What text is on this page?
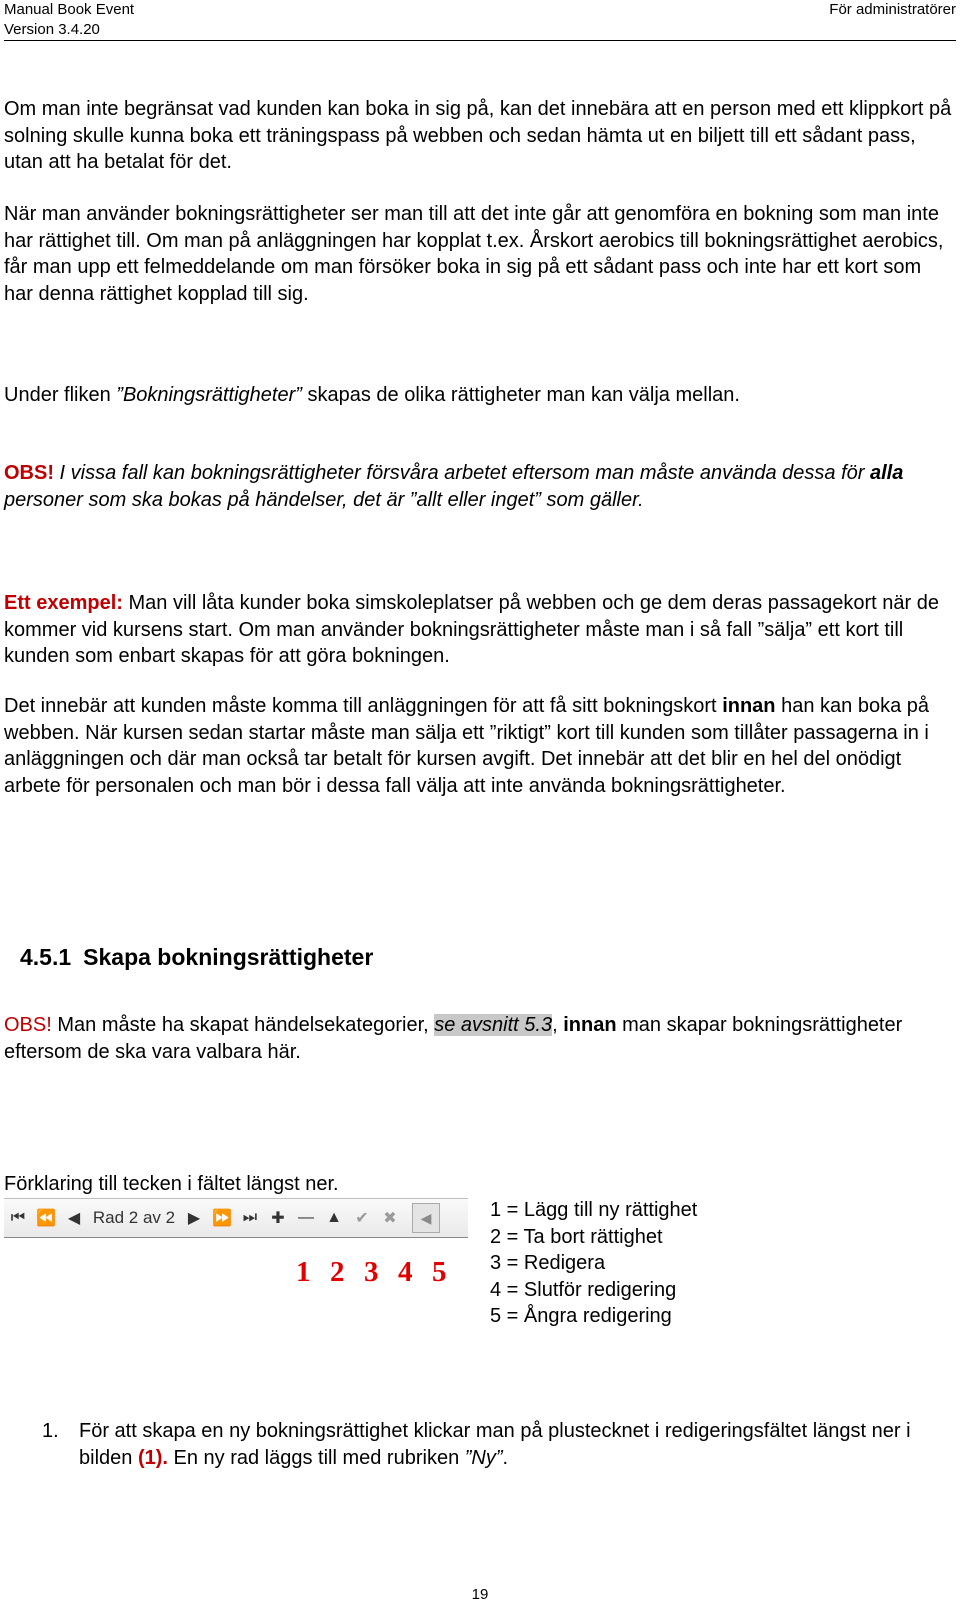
Manual Book Event
Version 3.4.20
För administratörer

Om man inte begränsat vad kunden kan boka in sig på, kan det innebära att en person med ett klippkort på solning skulle kunna boka ett träningspass på webben och sedan hämta ut en biljett till ett sådant pass, utan att ha betalat för det.

När man använder bokningsrättigheter ser man till att det inte går att genomföra en bokning som man inte har rättighet till. Om man på anläggningen har kopplat t.ex. Årskort aerobics till bokningsrättighet aerobics, får man upp ett felmeddelande om man försöker boka in sig på ett sådant pass och inte har ett kort som har denna rättighet kopplad till sig.

Under fliken ”Bokningsrättigheter” skapas de olika rättigheter man kan välja mellan.

OBS! I vissa fall kan bokningsrättigheter försvåra arbetet eftersom man måste använda dessa för alla personer som ska bokas på händelser, det är ”allt eller inget” som gäller.

Ett exempel: Man vill låta kunder boka simskoleplatser på webben och ge dem deras passagekort när de kommer vid kursens start. Om man använder bokningsrättigheter måste man i så fall ”sälja” ett kort till kunden som enbart skapas för att göra bokningen.

Det innebär att kunden måste komma till anläggningen för att få sitt bokningskort innan han kan boka på webben. När kursen sedan startar måste man sälja ett ”riktigt” kort till kunden som tillåter passagerna in i anläggningen och där man också tar betalt för kursen avgift. Det innebär att det blir en hel del onödigt arbete för personalen och man bör i dessa fall välja att inte använda bokningsrättigheter.

4.5.1 Skapa bokningsrättigheter

OBS! Man måste ha skapat händelsekategorier, se avsnitt 5.3, innan man skapar bokningsrättigheter eftersom de ska vara valbara här.

Förklaring till tecken i fältet längst ner.

⏮ ⏪ ◀ Rad 2 av 2 ▶ ⏩ ⏭ ✚ — ▲ ✔ ✖	◀
1 2 3 4 5
1 = Lägg till ny rättighet
2 = Ta bort rättighet
3 = Redigera
4 = Slutför redigering
5 = Ångra redigering
1. För att skapa en ny bokningsrättighet klickar man på plustecknet i redigeringsfältet längst ner i bilden (1). En ny rad läggs till med rubriken ”Ny”.
19
